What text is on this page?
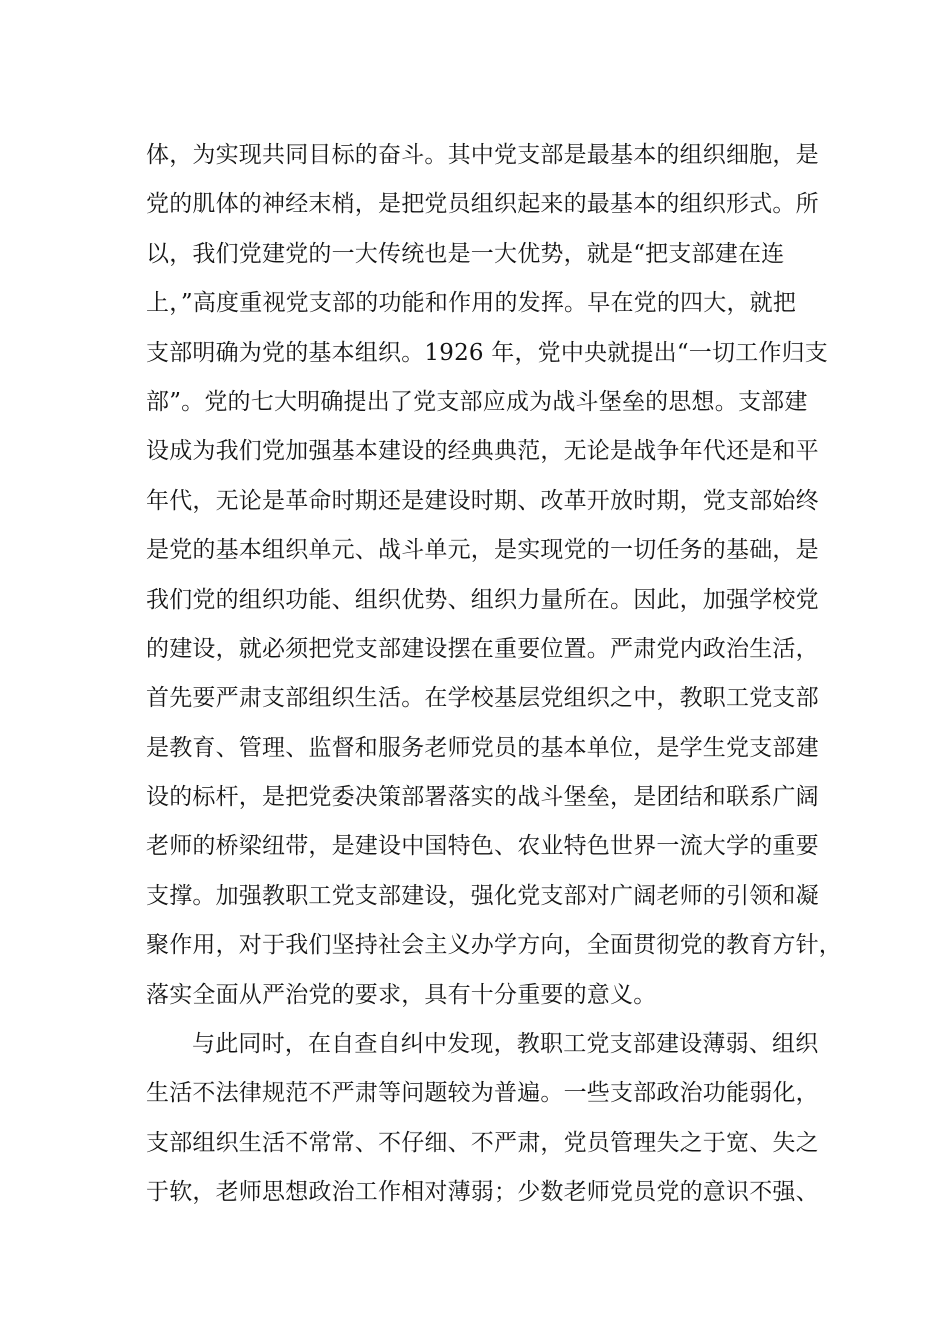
体，为实现共同目标的奋斗。其中党支部是最基本的组织细胞，是
党的肌体的神经末梢，是把党员组织起来的最基本的组织形式。所
以，我们党建党的一大传统也是一大优势，就是“把支部建在连
上，”高度重视党支部的功能和作用的发挥。早在党的四大，就把
支部明确为党的基本组织。1926 年，党中央就提出“一切工作归支
部”。党的七大明确提出了党支部应成为战斗堡垒的思想。支部建
设成为我们党加强基本建设的经典典范，无论是战争年代还是和平
年代，无论是革命时期还是建设时期、改革开放时期，党支部始终
是党的基本组织单元、战斗单元，是实现党的一切任务的基础，是
我们党的组织功能、组织优势、组织力量所在。因此，加强学校党
的建设，就必须把党支部建设摆在重要位置。严肃党内政治生活，
首先要严肃支部组织生活。在学校基层党组织之中，教职工党支部
是教育、管理、监督和服务老师党员的基本单位，是学生党支部建
设的标杆，是把党委决策部署落实的战斗堡垒，是团结和联系广阔
老师的桥梁纽带，是建设中国特色、农业特色世界一流大学的重要
支撑。加强教职工党支部建设，强化党支部对广阔老师的引领和凝
聚作用，对于我们坚持社会主义办学方向，全面贯彻党的教育方针，
落实全面从严治党的要求，具有十分重要的意义。
与此同时，在自查自纠中发现，教职工党支部建设薄弱、组织
生活不法律规范不严肃等问题较为普遍。一些支部政治功能弱化，
支部组织生活不常常、不仔细、不严肃，党员管理失之于宽、失之
于软，老师思想政治工作相对薄弱；少数老师党员党的意识不强、
